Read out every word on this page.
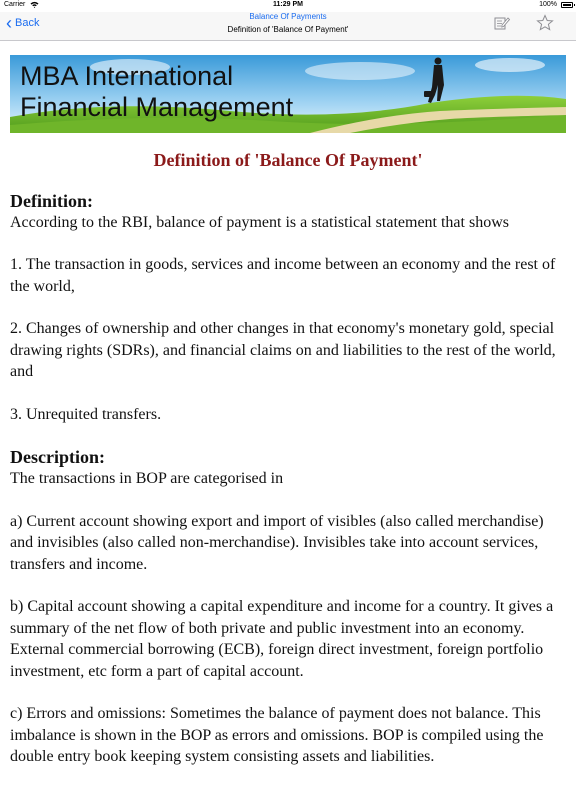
Carrier	11:29 PM	100%
‹ Back
Balance Of Payments
Definition of 'Balance Of Payment'
MBA International
Financial Management

Definition of 'Balance Of Payment'

Definition:

According to the RBI, balance of payment is a statistical statement that shows

1. The transaction in goods, services and income between an economy and the rest of the world,

2. Changes of ownership and other changes in that economy's monetary gold, special drawing rights (SDRs), and financial claims on and liabilities to the rest of the world, and

3. Unrequited transfers.

Description:

The transactions in BOP are categorised in

a) Current account showing export and import of visibles (also called merchandise) and invisibles (also called non-merchandise). Invisibles take into account services, transfers and income.

b) Capital account showing a capital expenditure and income for a country. It gives a summary of the net flow of both private and public investment into an economy. External commercial borrowing (ECB), foreign direct investment, foreign portfolio investment, etc form a part of capital account.

c) Errors and omissions: Sometimes the balance of payment does not balance. This imbalance is shown in the BOP as errors and omissions. BOP is compiled using the double entry book keeping system consisting assets and liabilities.
